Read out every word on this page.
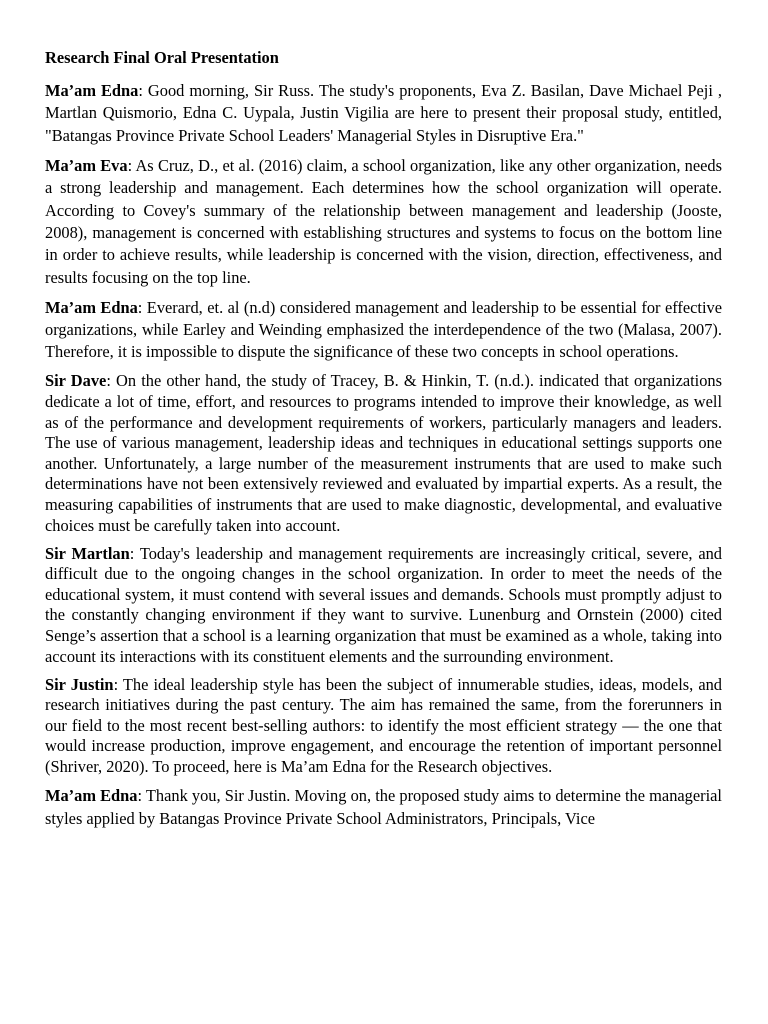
Research Final Oral Presentation

Ma’am Edna: Good morning, Sir Russ. The study's proponents, Eva Z. Basilan, Dave Michael Peji , Martlan Quismorio, Edna C. Uypala, Justin Vigilia are here to present their proposal study, entitled, "Batangas Province Private School Leaders' Managerial Styles in Disruptive Era."

Ma’am Eva: As Cruz, D., et al. (2016) claim, a school organization, like any other organization, needs a strong leadership and management. Each determines how the school organization will operate. According to Covey's summary of the relationship between management and leadership (Jooste, 2008), management is concerned with establishing structures and systems to focus on the bottom line in order to achieve results, while leadership is concerned with the vision, direction, effectiveness, and results focusing on the top line.

Ma’am Edna: Everard, et. al (n.d) considered management and leadership to be essential for effective organizations, while Earley and Weinding emphasized the interdependence of the two (Malasa, 2007). Therefore, it is impossible to dispute the significance of these two concepts in school operations.

Sir Dave: On the other hand, the study of Tracey, B. & Hinkin, T. (n.d.). indicated that organizations dedicate a lot of time, effort, and resources to programs intended to improve their knowledge, as well as of the performance and development requirements of workers, particularly managers and leaders. The use of various management, leadership ideas and techniques in educational settings supports one another. Unfortunately, a large number of the measurement instruments that are used to make such determinations have not been extensively reviewed and evaluated by impartial experts. As a result, the measuring capabilities of instruments that are used to make diagnostic, developmental, and evaluative choices must be carefully taken into account.

Sir Martlan: Today's leadership and management requirements are increasingly critical, severe, and difficult due to the ongoing changes in the school organization. In order to meet the needs of the educational system, it must contend with several issues and demands. Schools must promptly adjust to the constantly changing environment if they want to survive. Lunenburg and Ornstein (2000) cited Senge’s assertion that a school is a learning organization that must be examined as a whole, taking into account its interactions with its constituent elements and the surrounding environment.

Sir Justin: The ideal leadership style has been the subject of innumerable studies, ideas, models, and research initiatives during the past century. The aim has remained the same, from the forerunners in our field to the most recent best-selling authors: to identify the most efficient strategy — the one that would increase production, improve engagement, and encourage the retention of important personnel (Shriver, 2020). To proceed, here is Ma’am Edna for the Research objectives.

Ma’am Edna: Thank you, Sir Justin. Moving on, the proposed study aims to determine the managerial styles applied by Batangas Province Private School Administrators, Principals, Vice
